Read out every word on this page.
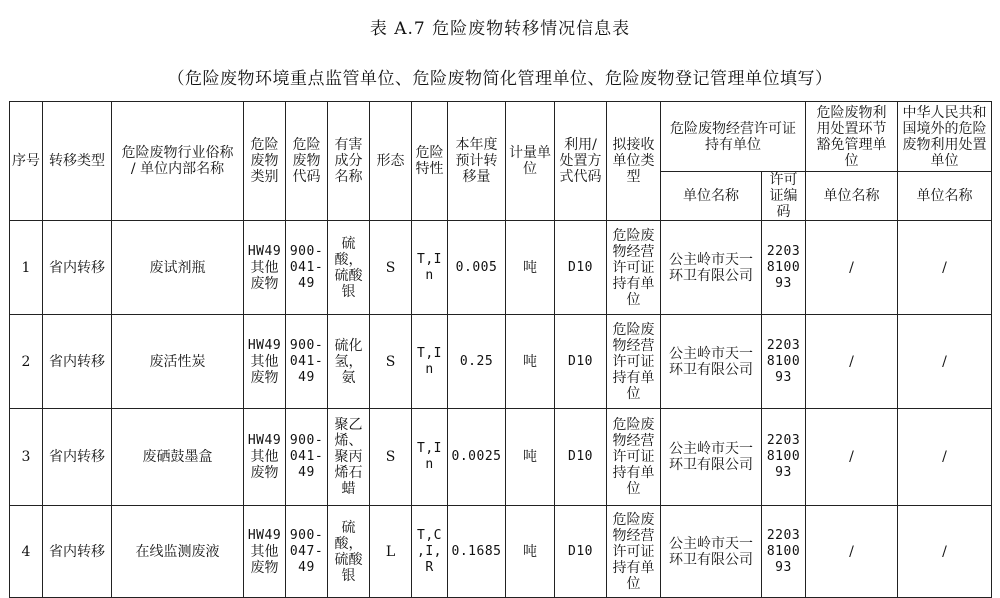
表 A.7 危险废物转移情况信息表
（危险废物环境重点监管单位、危险废物简化管理单位、危险废物登记管理单位填写）
序号	转移类型	危险废物行业俗称
/ 单位内部名称	危险
废物
类别	危险
废物
代码	有害
成分
名称	形态	危险
特性	本年度
预计转
移量	计量单
位	利用/
处置方
式代码	拟接收
单位类
型	危险废物经营许可证
持有单位		危险废物利
用处置环节
豁免管理单
位	中华人民共和
国境外的危险
废物利用处置
单位

												单位名称	许可
证编
码	单位名称	单位名称
1	省内转移	废试剂瓶	HW49
其他
废物	900-
041-
49	硫
酸，
硫酸
银	S	T,I
n	0.005	吨	D10	危险废
物经营
许可证
持有单
位	公主岭市天一
环卫有限公司	2203
8100
93	/	/
2	省内转移	废活性炭	HW49
其他
废物	900-
041-
49	硫化
氢，
氨	S	T,I
n	0.25	吨	D10	危险废
物经营
许可证
持有单
位	公主岭市天一
环卫有限公司	2203
8100
93	/	/
3	省内转移	废硒鼓墨盒	HW49
其他
废物	900-
041-
49	聚乙
烯、
聚丙
烯石
蜡	S	T,I
n	0.0025	吨	D10	危险废
物经营
许可证
持有单
位	公主岭市天一
环卫有限公司	2203
8100
93	/	/
4	省内转移	在线监测废液	HW49
其他
废物	900-
047-
49	硫
酸，
硫酸
银	L	T,C
,I,
R	0.1685	吨	D10	危险废
物经营
许可证
持有单
位	公主岭市天一
环卫有限公司	2203
8100
93	/	/
